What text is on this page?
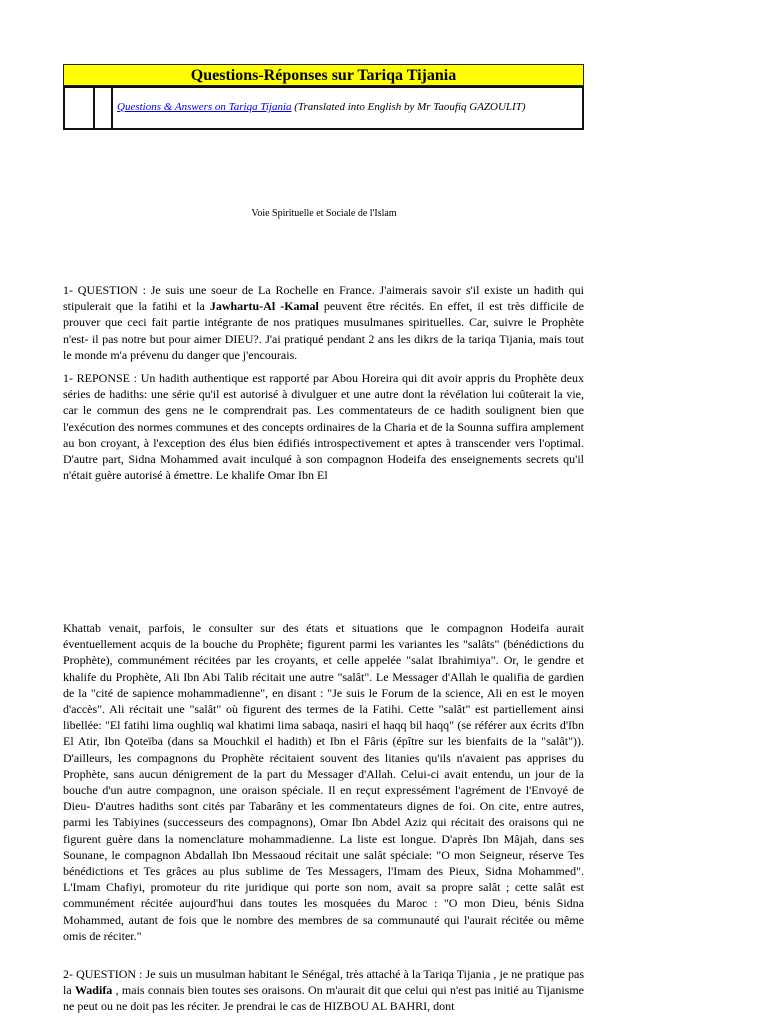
Questions-Réponses sur Tariqa Tijania
Questions & Answers on Tariqa Tijania (Translated into English by Mr Taoufiq GAZOULIT)
Voie Spirituelle et Sociale de l'Islam

1- QUESTION : Je suis une soeur de La Rochelle en France. J'aimerais savoir s'il existe un hadith qui stipulerait que la fatihi et la Jawhartu-Al -Kamal peuvent être récités. En effet, il est très difficile de prouver que ceci fait partie intégrante de nos pratiques musulmanes spirituelles. Car, suivre le Prophète n'est- il pas notre but pour aimer DIEU?. J'ai pratiqué pendant 2 ans les dikrs de la tariqa Tijania, mais tout le monde m'a prévenu du danger que j'encourais.

1- REPONSE : Un hadith authentique est rapporté par Abou Horeira qui dit avoir appris du Prophète deux séries de hadiths: une série qu'il est autorisé à divulguer et une autre dont la révélation lui coûterait la vie, car le commun des gens ne le comprendrait pas. Les commentateurs de ce hadith soulignent bien que l'exécution des normes communes et des concepts ordinaires de la Charia et de la Sounna suffira amplement au bon croyant, à l'exception des élus bien édifiés introspectivement et aptes à transcender vers l'optimal. D'autre part, Sidna Mohammed avait inculqué à son compagnon Hodeifa des enseignements secrets qu'il n'était guère autorisé à émettre. Le khalife Omar Ibn El

Khattab venait, parfois, le consulter sur des états et situations que le compagnon Hodeifa aurait éventuellement acquis de la bouche du Prophète; figurent parmi les variantes les "salâts" (bénédictions du Prophète), communément récitées par les croyants, et celle appelée "salat Ibrahimiya". Or, le gendre et khalife du Prophète, Ali Ibn Abi Talib récitait une autre "salât". Le Messager d'Allah le qualifia de gardien de la "cité de sapience mohammadienne", en disant : "Je suis le Forum de la science, Ali en est le moyen d'accès". Ali récitait une "salât" où figurent des termes de la Fatihi. Cette "salât" est partiellement ainsi libellée: "El fatihi lima oughliq wal khatimi lima sabaqa, nasiri el haqq bil haqq" (se référer aux écrits d'Ibn El Atir, Ibn Qoteïba (dans sa Mouchkil el hadith) et Ibn el Fâris (épître sur les bienfaits de la "salât")). D'ailleurs, les compagnons du Prophète récitaient souvent des litanies qu'ils n'avaient pas apprises du Prophète, sans aucun dénigrement de la part du Messager d'Allah. Celui-ci avait entendu, un jour de la bouche d'un autre compagnon, une oraison spéciale. Il en reçut expressément l'agrément de l'Envoyé de Dieu- D'autres hadiths sont cités par Tabarâny et les commentateurs dignes de foi. On cite, entre autres, parmi les Tabiyines (successeurs des compagnons), Omar Ibn Abdel Aziz qui récitait des oraisons qui ne figurent guère dans la nomenclature mohammadienne. La liste est longue. D'après Ibn Mâjah, dans ses Sounane, le compagnon Abdallah Ibn Messaoud récitait une salât spéciale: "O mon Seigneur, réserve Tes bénédictions et Tes grâces au plus sublime de Tes Messagers, l'Imam des Pieux, Sidna Mohammed". L'Imam Chafiyi, promoteur du rite juridique qui porte son nom, avait sa propre salât ; cette salât est communément récitée aujourd'hui dans toutes les mosquées du Maroc : "O mon Dieu, bénis Sidna Mohammed, autant de fois que le nombre des membres de sa communauté qui l'aurait récitée ou même omis de réciter."

2- QUESTION : Je suis un musulman habitant le Sénégal, très attaché à la Tariqa Tijania , je ne pratique pas la Wadifa , mais connais bien toutes ses oraisons. On m'aurait dit que celui qui n'est pas initié au Tijanisme ne peut ou ne doit pas les réciter. Je prendrai le cas de HIZBOU AL BAHRI, dont
